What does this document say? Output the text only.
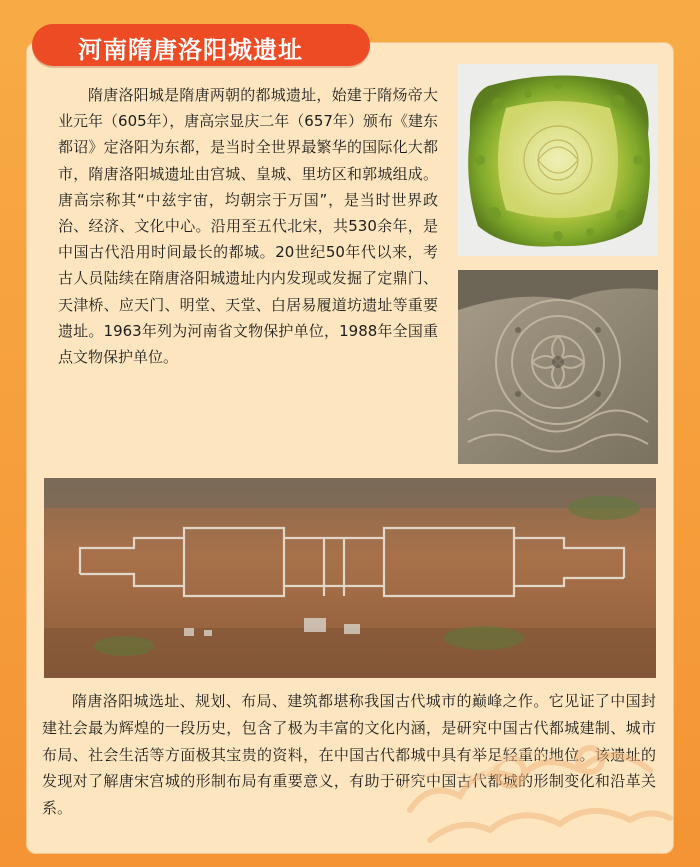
河南隋唐洛阳城遗址

隋唐洛阳城是隋唐两朝的都城遗址，始建于隋炀帝大业元年（605年），唐高宗显庆二年（657年）颁布《建东都诏》定洛阳为东都，是当时全世界最繁华的国际化大都市，隋唐洛阳城遗址由宫城、皇城、里坊区和郭城组成。唐高宗称其“中兹宇宙，均朝宗于万国”，是当时世界政治、经济、文化中心。沿用至五代北宋，共530余年，是中国古代沿用时间最长的都城。20世纪50年代以来，考古人员陆续在隋唐洛阳城遗址内内发现或发掘了定鼎门、天津桥、应天门、明堂、天堂、白居易履道坊遗址等重要遗址。1963年列为河南省文物保护单位，1988年全国重点文物保护单位。

隋唐洛阳城选址、规划、布局、建筑都堪称我国古代城市的巅峰之作。它见证了中国封建社会最为辉煌的一段历史，包含了极为丰富的文化内涵，是研究中国古代都城建制、城市布局、社会生活等方面极其宝贵的资料，在中国古代都城中具有举足轻重的地位。该遗址的发现对了解唐宋宫城的形制布局有重要意义，有助于研究中国古代都城的形制变化和沿革关系。
